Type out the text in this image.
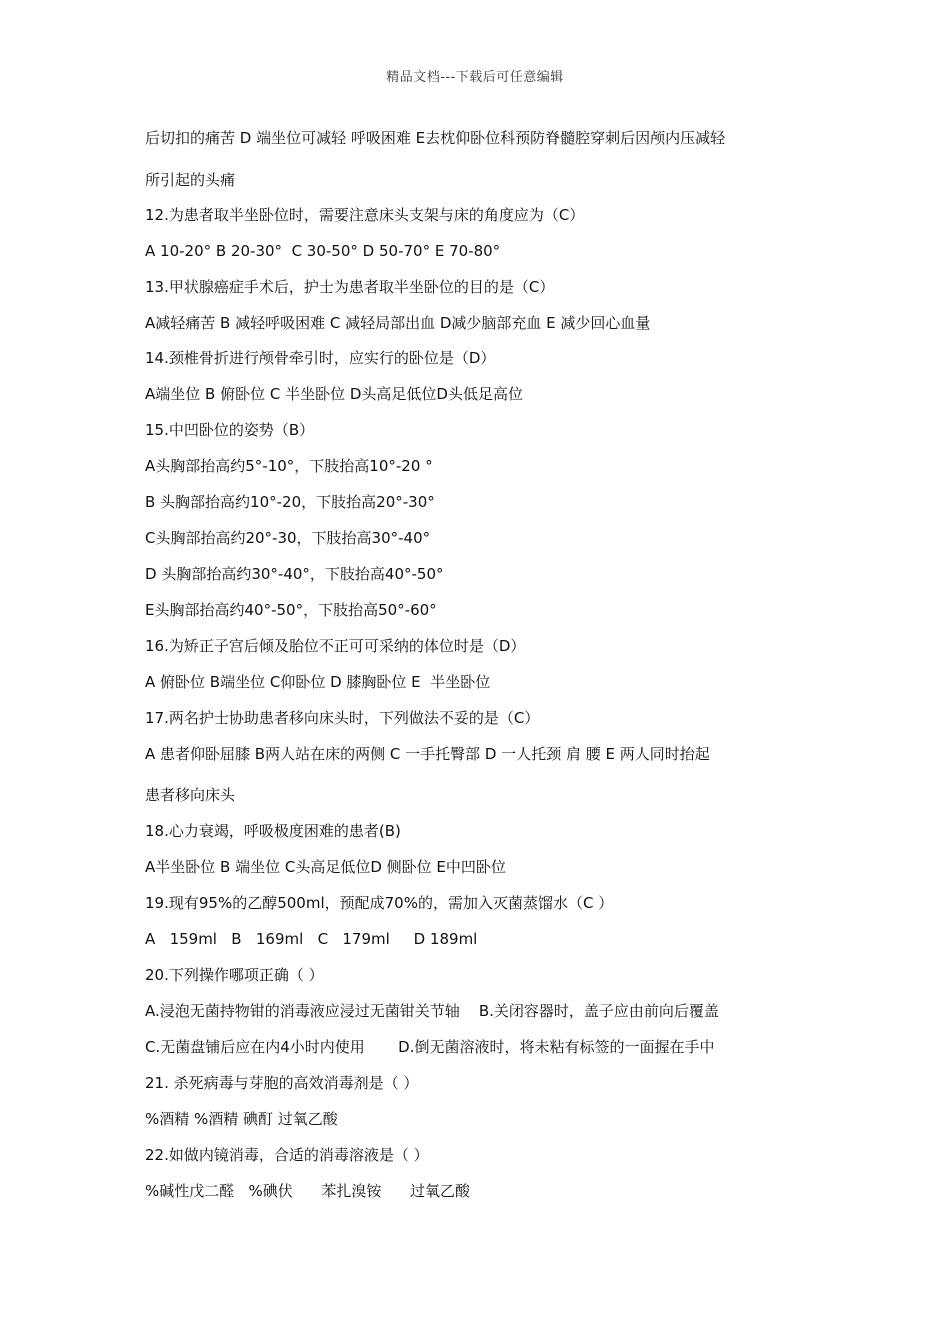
精品文档---下载后可任意编辑
后切扣的痛苦 D 端坐位可减轻 呼吸困难 E去枕仰卧位科预防脊髓腔穿刺后因颅内压减轻
所引起的头痛
12.为患者取半坐卧位时，需要注意床头支架与床的角度应为（C）
A 10-20° B 20-30°  C 30-50° D 50-70° E 70-80°
13.甲状腺癌症手术后，护士为患者取半坐卧位的目的是（C）
A减轻痛苦 B 减轻呼吸困难 C 减轻局部出血 D减少脑部充血 E 减少回心血量
14.颈椎骨折进行颅骨牵引时，应实行的卧位是（D）
A端坐位 B 俯卧位 C 半坐卧位 D头高足低位D头低足高位
15.中凹卧位的姿势（B）
A头胸部抬高约5°-10°，下肢抬高10°-20 °
B 头胸部抬高约10°-20，下肢抬高20°-30°
C头胸部抬高约20°-30，下肢抬高30°-40°
D 头胸部抬高约30°-40°，下肢抬高40°-50°
E头胸部抬高约40°-50°，下肢抬高50°-60°
16.为矫正子宫后倾及胎位不正可可采纳的体位时是（D）
A 俯卧位 B端坐位 C仰卧位 D 膝胸卧位 E  半坐卧位
17.两名护士协助患者移向床头时，下列做法不妥的是（C）
A 患者仰卧屈膝 B两人站在床的两侧 C 一手托臀部 D 一人托颈 肩 腰 E 两人同时抬起
患者移向床头
18.心力衰竭，呼吸极度困难的患者(B)
A半坐卧位 B 端坐位 C头高足低位D 侧卧位 E中凹卧位
19.现有95%的乙醇500ml，预配成70%的，需加入灭菌蒸馏水（C ）
A   159ml   B   169ml   C   179ml     D 189ml
20.下列操作哪项正确（ ）
A.浸泡无菌持物钳的消毒液应浸过无菌钳关节轴    B.关闭容器时，盖子应由前向后覆盖
C.无菌盘铺后应在内4小时内使用       D.倒无菌溶液时，将未粘有标签的一面握在手中
21. 杀死病毒与芽胞的高效消毒剂是（ ）
%酒精 %酒精 碘酊 过氧乙酸
22.如做内镜消毒，合适的消毒溶液是（ ）
%碱性戊二醛   %碘伏      苯扎溴铵      过氧乙酸
